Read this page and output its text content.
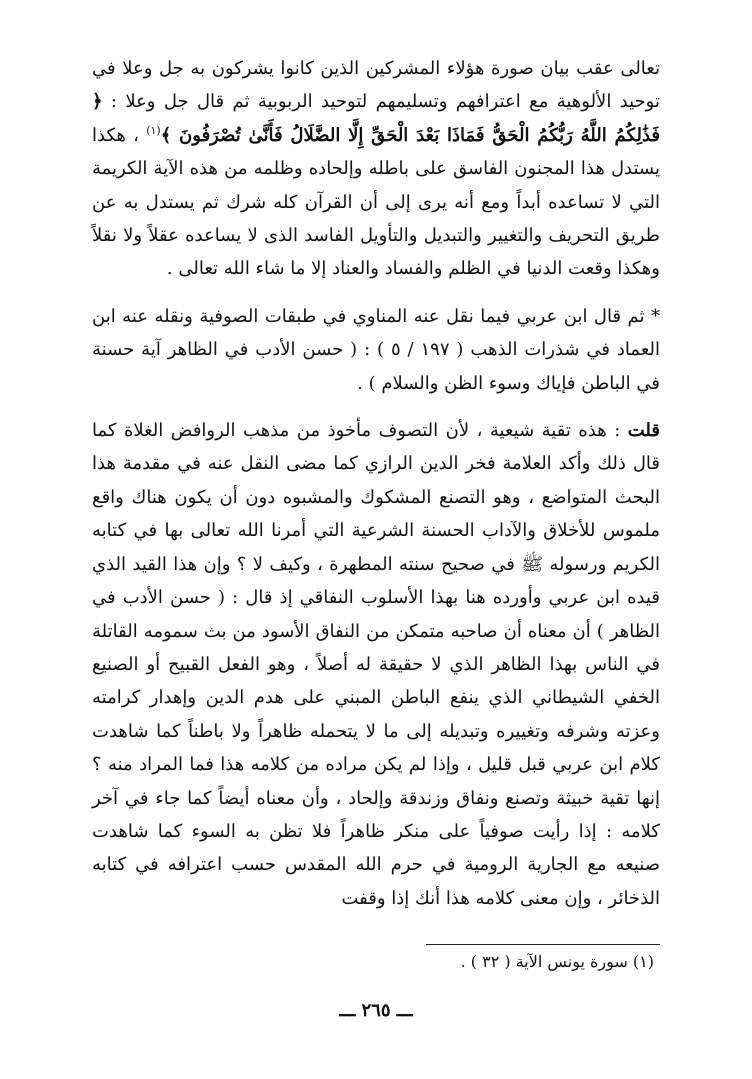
تعالى عقب بيان صورة هؤلاء المشركين الذين كانوا يشركون به جل وعلا في توحيد الألوهية مع اعترافهم وتسليمهم لتوحيد الربوبية ثم قال جل وعلا : ﴿ فَذَٰلِكُمُ اللَّهُ رَبُّكُمُ الْحَقُّ فَمَاذَا بَعْدَ الْحَقِّ إِلَّا الضَّلَالُ فَأَنَّىٰ تُصْرَفُونَ ﴾$^{(١)}$ ، هكذا يستدل هذا المجنون الفاسق على باطله وإلحاده وظلمه من هذه الآية الكريمة التي لا تساعده أبداً ومع أنه يرى إلى أن القرآن كله شرك ثم يستدل به عن طريق التحريف والتغيير والتبديل والتأويل الفاسد الذى لا يساعده عقلاً ولا نقلاً وهكذا وقعت الدنيا في الظلم والفساد والعناد إلا ما شاء الله تعالى .

* ثم قال ابن عربي فيما نقل عنه المناوي في طبقات الصوفية ونقله عنه ابن العماد في شذرات الذهب ( ١٩٧ / ٥ ) : ( حسن الأدب في الظاهر آية حسنة في الباطن فإياك وسوء الظن والسلام ) .

قلت : هذه تقية شيعية ، لأن التصوف مأخوذ من مذهب الروافض الغلاة كما قال ذلك وأكد العلامة فخر الدين الرازي كما مضى النقل عنه في مقدمة هذا البحث المتواضع ، وهو التصنع المشكوك والمشبوه دون أن يكون هناك واقع ملموس للأخلاق والآداب الحسنة الشرعية التي أمرنا الله تعالى بها في كتابه الكريم ورسوله ﷺ في صحيح سنته المطهرة ، وكيف لا ؟ وإن هذا القيد الذي قيده ابن عربي وأورده هنا بهذا الأسلوب النفاقي إذ قال : ( حسن الأدب في الظاهر ) أن معناه أن صاحبه متمكن من النفاق الأسود من بث سمومه القاتلة في الناس بهذا الظاهر الذي لا حقيقة له أصلاً ، وهو الفعل القبيح أو الصنيع الخفي الشيطاني الذي ينفع الباطن المبني على هدم الدين وإهدار كرامته وعزته وشرفه وتغييره وتبديله إلى ما لا يتحمله ظاهراً ولا باطناً كما شاهدت كلام ابن عربي قبل قليل ، وإذا لم يكن مراده من كلامه هذا فما المراد منه ؟ إنها تقية خبيثة وتصنع ونفاق وزندقة وإلحاد ، وأن معناه أيضاً كما جاء في آخر كلامه : إذا رأيت صوفياً على منكر ظاهراً فلا تظن به السوء كما شاهدت صنيعه مع الجارية الرومية في حرم الله المقدس حسب اعترافه في كتابه الذخائر ، وإن معنى كلامه هذا أنك إذا وقفت

(١) سورة يونس الآية ( ٣٢ ) .
ـــ ٢٦٥ ـــ
